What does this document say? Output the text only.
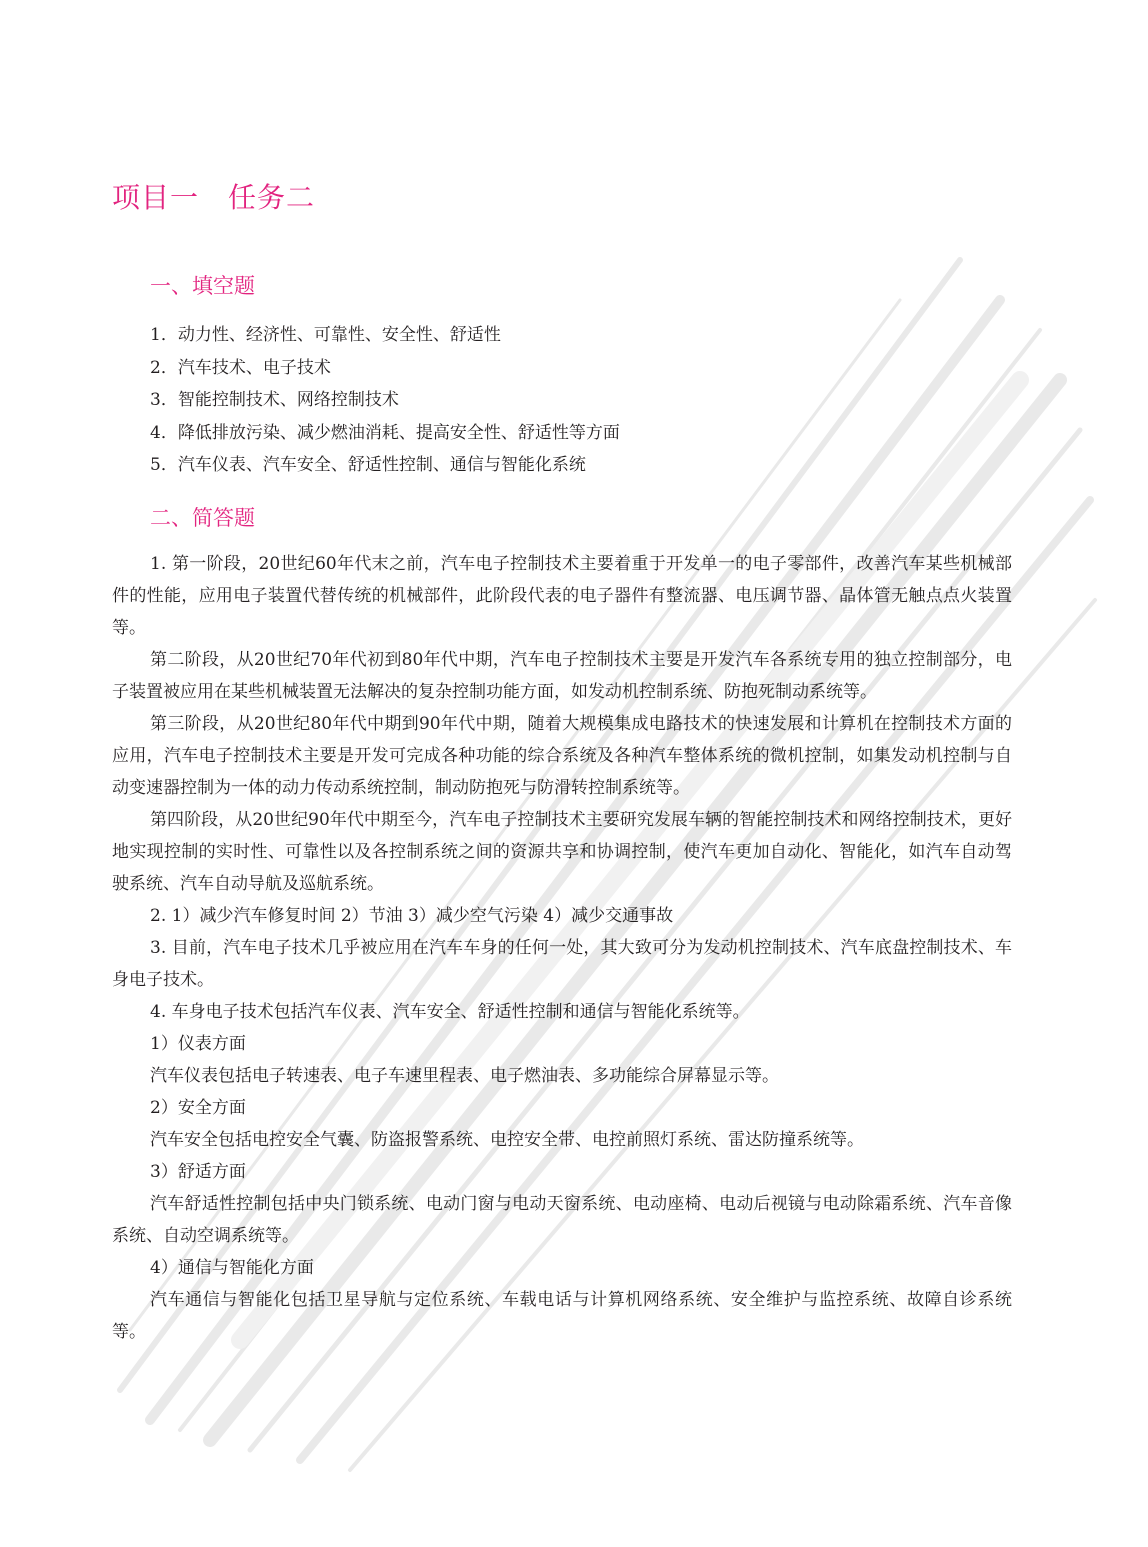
项目一　任务二
一、填空题
1．动力性、经济性、可靠性、安全性、舒适性
2．汽车技术、电子技术
3．智能控制技术、网络控制技术
4．降低排放污染、减少燃油消耗、提高安全性、舒适性等方面
5．汽车仪表、汽车安全、舒适性控制、通信与智能化系统
二、简答题

1. 第一阶段，20世纪60年代末之前，汽车电子控制技术主要着重于开发单一的电子零部件，改善汽车某些机械部件的性能，应用电子装置代替传统的机械部件，此阶段代表的电子器件有整流器、电压调节器、晶体管无触点点火装置等。

第二阶段，从20世纪70年代初到80年代中期，汽车电子控制技术主要是开发汽车各系统专用的独立控制部分，电子装置被应用在某些机械装置无法解决的复杂控制功能方面，如发动机控制系统、防抱死制动系统等。

第三阶段，从20世纪80年代中期到90年代中期，随着大规模集成电路技术的快速发展和计算机在控制技术方面的应用，汽车电子控制技术主要是开发可完成各种功能的综合系统及各种汽车整体系统的微机控制，如集发动机控制与自动变速器控制为一体的动力传动系统控制，制动防抱死与防滑转控制系统等。

第四阶段，从20世纪90年代中期至今，汽车电子控制技术主要研究发展车辆的智能控制技术和网络控制技术，更好地实现控制的实时性、可靠性以及各控制系统之间的资源共享和协调控制，使汽车更加自动化、智能化，如汽车自动驾驶系统、汽车自动导航及巡航系统。

2. 1）减少汽车修复时间 2）节油 3）减少空气污染 4）减少交通事故

3. 目前，汽车电子技术几乎被应用在汽车车身的任何一处，其大致可分为发动机控制技术、汽车底盘控制技术、车身电子技术。

4. 车身电子技术包括汽车仪表、汽车安全、舒适性控制和通信与智能化系统等。

1）仪表方面

汽车仪表包括电子转速表、电子车速里程表、电子燃油表、多功能综合屏幕显示等。

2）安全方面

汽车安全包括电控安全气囊、防盗报警系统、电控安全带、电控前照灯系统、雷达防撞系统等。

3）舒适方面

汽车舒适性控制包括中央门锁系统、电动门窗与电动天窗系统、电动座椅、电动后视镜与电动除霜系统、汽车音像系统、自动空调系统等。

4）通信与智能化方面

汽车通信与智能化包括卫星导航与定位系统、车载电话与计算机网络系统、安全维护与监控系统、故障自诊系统等。
